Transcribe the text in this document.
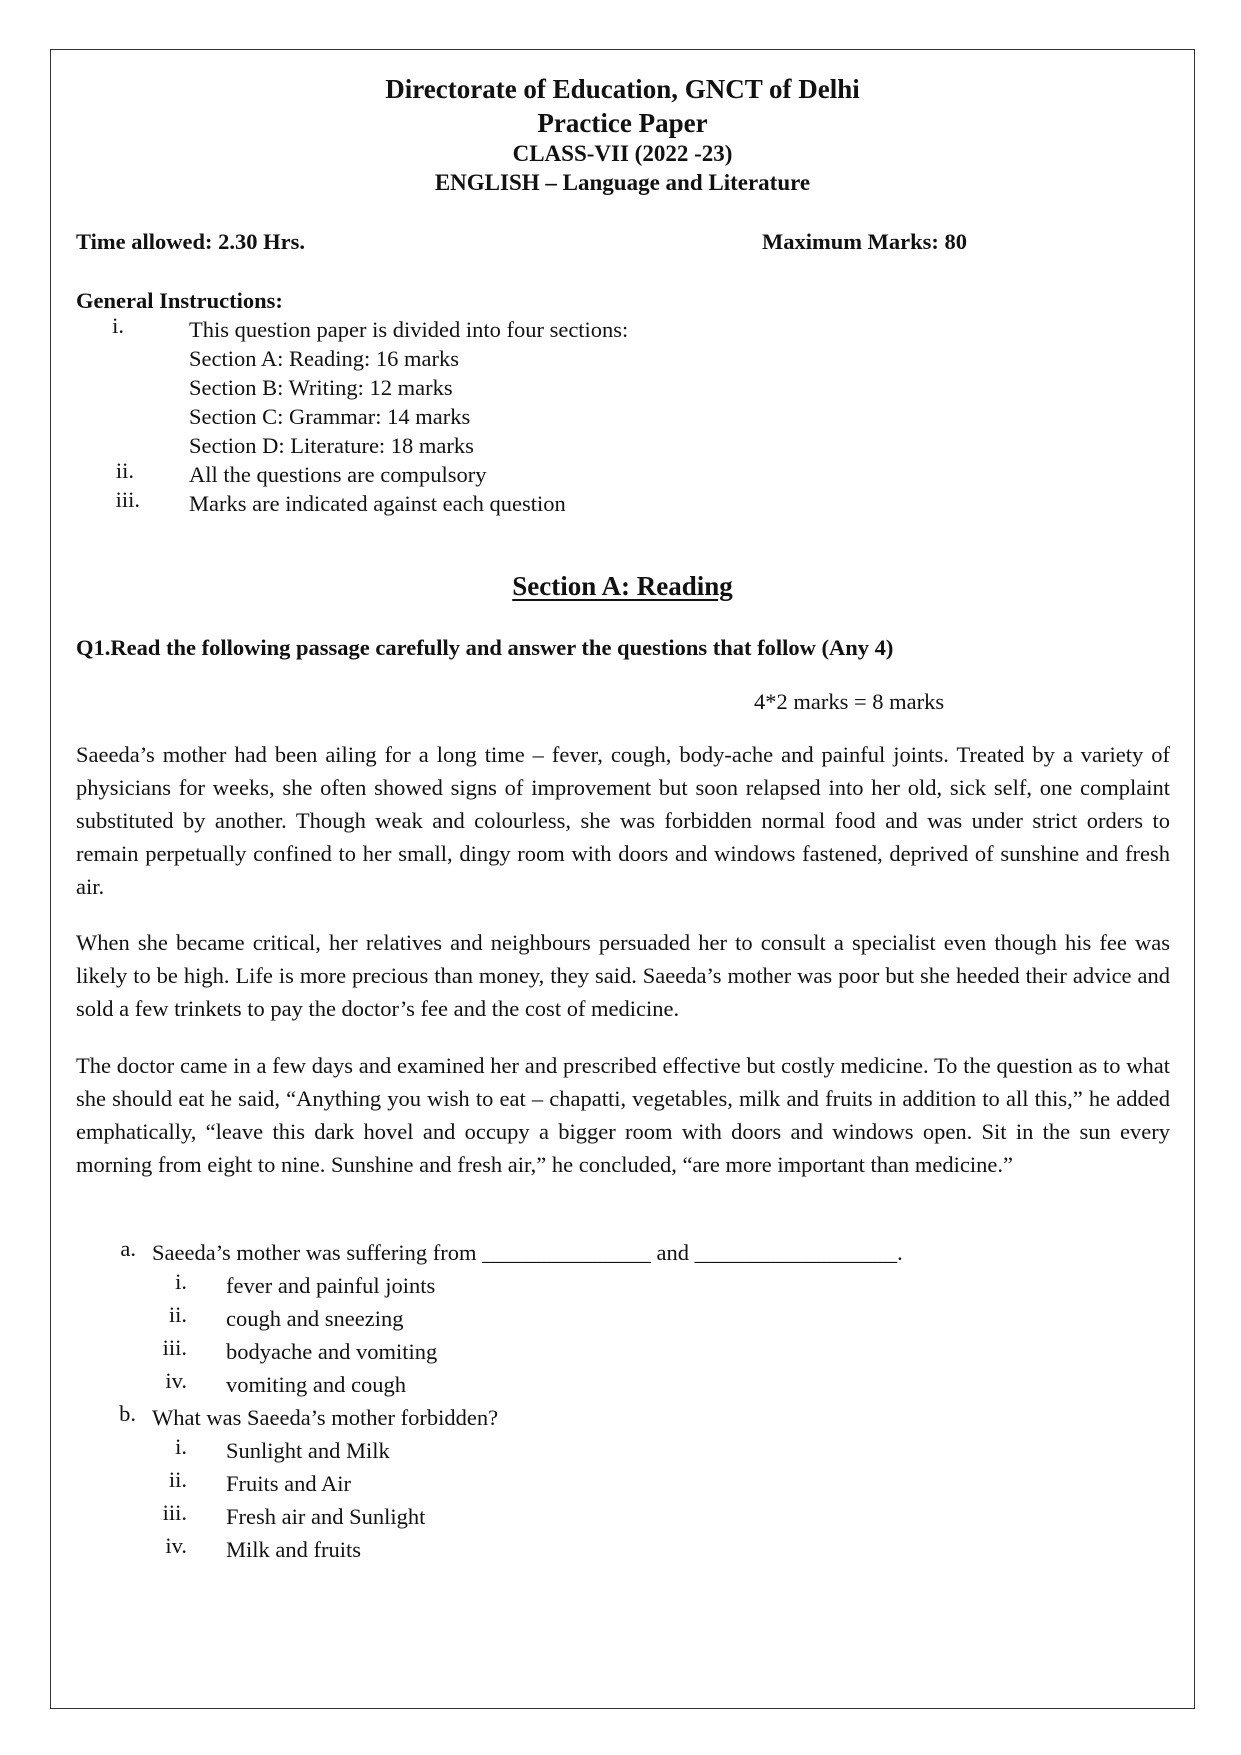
Directorate of Education, GNCT of Delhi
Practice Paper
CLASS-VII (2022 -23)
ENGLISH – Language and Literature
Time allowed: 2.30 Hrs.	Maximum Marks: 80
General Instructions:
i.	This question paper is divided into four sections:
Section A: Reading: 16 marks
Section B: Writing: 12 marks
Section C: Grammar: 14 marks
Section D: Literature: 18 marks
ii. All the questions are compulsory
iii. Marks are indicated against each question
Section A: Reading
Q1.Read the following passage carefully and answer the questions that follow (Any 4)
4*2 marks = 8 marks
Saeeda’s mother had been ailing for a long time – fever, cough, body-ache and painful joints. Treated by a variety of physicians for weeks, she often showed signs of improvement but soon relapsed into her old, sick self, one complaint substituted by another. Though weak and colourless, she was forbidden normal food and was under strict orders to remain perpetually confined to her small, dingy room with doors and windows fastened, deprived of sunshine and fresh air.
When she became critical, her relatives and neighbours persuaded her to consult a specialist even though his fee was likely to be high. Life is more precious than money, they said. Saeeda’s mother was poor but she heeded their advice and sold a few trinkets to pay the doctor’s fee and the cost of medicine.
The doctor came in a few days and examined her and prescribed effective but costly medicine. To the question as to what she should eat he said, “Anything you wish to eat – chapatti, vegetables, milk and fruits in addition to all this,” he added emphatically, “leave this dark hovel and occupy a bigger room with doors and windows open. Sit in the sun every morning from eight to nine. Sunshine and fresh air,” he concluded, “are more important than medicine.”
a. Saeeda’s mother was suffering from _______________ and __________________.
i. fever and painful joints
ii. cough and sneezing
iii. bodyache and vomiting
iv. vomiting and cough
b. What was Saeeda’s mother forbidden?
i. Sunlight and Milk
ii. Fruits and Air
iii. Fresh air and Sunlight
iv. Milk and fruits
